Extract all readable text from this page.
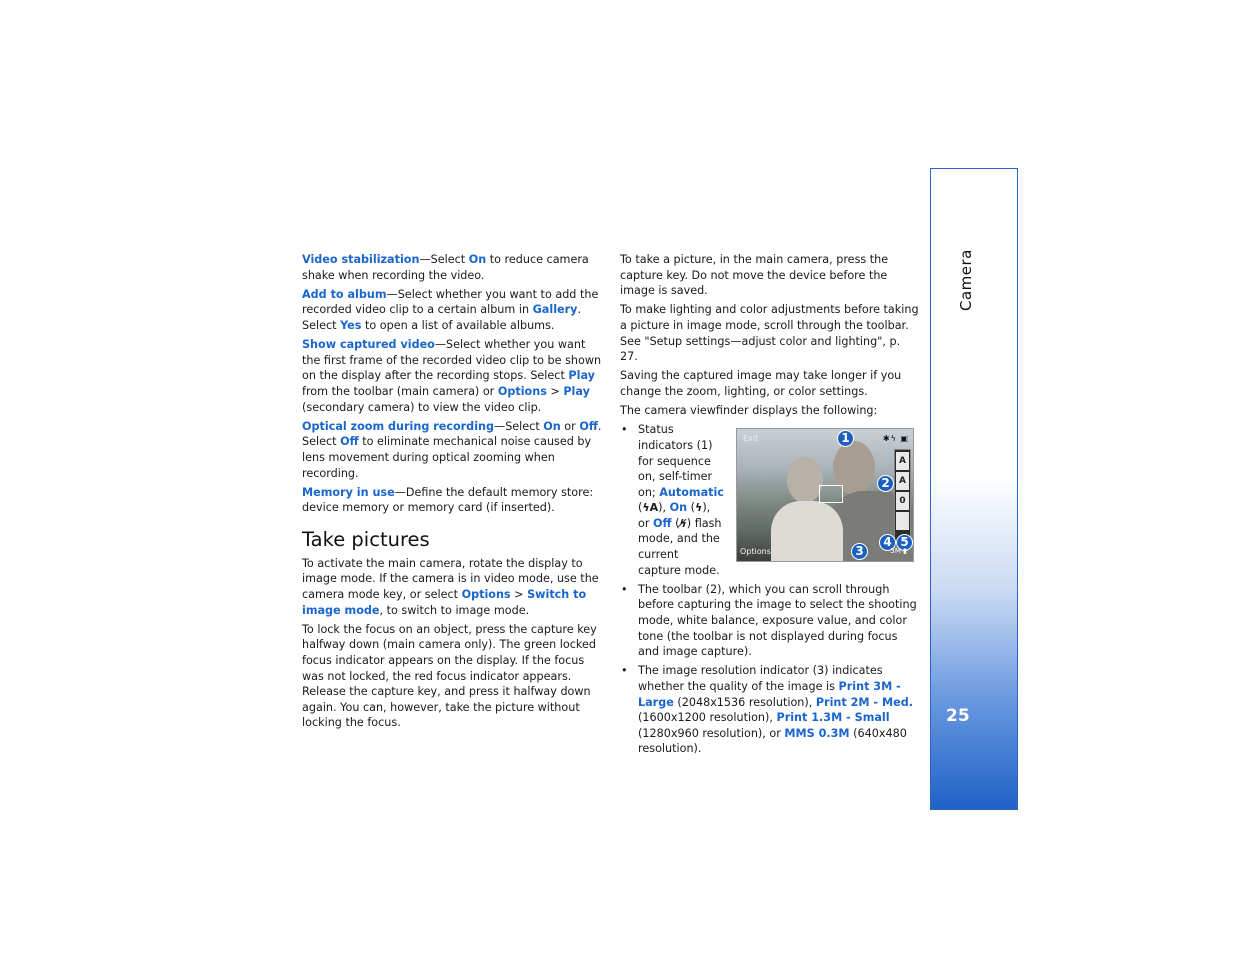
Video stabilization—Select On to reduce camera shake when recording the video.

Add to album—Select whether you want to add the recorded video clip to a certain album in Gallery. Select Yes to open a list of available albums.

Show captured video—Select whether you want the first frame of the recorded video clip to be shown on the display after the recording stops. Select Play from the toolbar (main camera) or Options > Play (secondary camera) to view the video clip.

Optical zoom during recording—Select On or Off. Select Off to eliminate mechanical noise caused by lens movement during optical zooming when recording.

Memory in use—Define the default memory store: device memory or memory card (if inserted).

Take pictures

To activate the main camera, rotate the display to image mode. If the camera is in video mode, use the camera mode key, or select Options > Switch to image mode, to switch to image mode.

To lock the focus on an object, press the capture key halfway down (main camera only). The green locked focus indicator appears on the display. If the focus was not locked, the red focus indicator appears. Release the capture key, and press it halfway down again. You can, however, take the picture without locking the focus.

To take a picture, in the main camera, press the capture key. Do not move the device before the image is saved.

To make lighting and color adjustments before taking a picture in image mode, scroll through the toolbar. See "Setup settings—adjust color and lighting", p. 27.

Saving the captured image may take longer if you change the zoom, lighting, or color settings.

The camera viewfinder displays the following:

• Status indicators (1) for sequence on, self-timer on; Automatic (ϟA), On (ϟ), or Off (ϟ̸) flash mode, and the current capture mode.
Exit	✱ϟ ▣
A
A
0
1
2
3
4 5
3M ▮
Options
• The toolbar (2), which you can scroll through before capturing the image to select the shooting mode, white balance, exposure value, and color tone (the toolbar is not displayed during focus and image capture).
• The image resolution indicator (3) indicates whether the quality of the image is Print 3M - Large (2048x1536 resolution), Print 2M - Med. (1600x1200 resolution), Print 1.3M - Small (1280x960 resolution), or MMS 0.3M (640x480 resolution).
Camera
25
